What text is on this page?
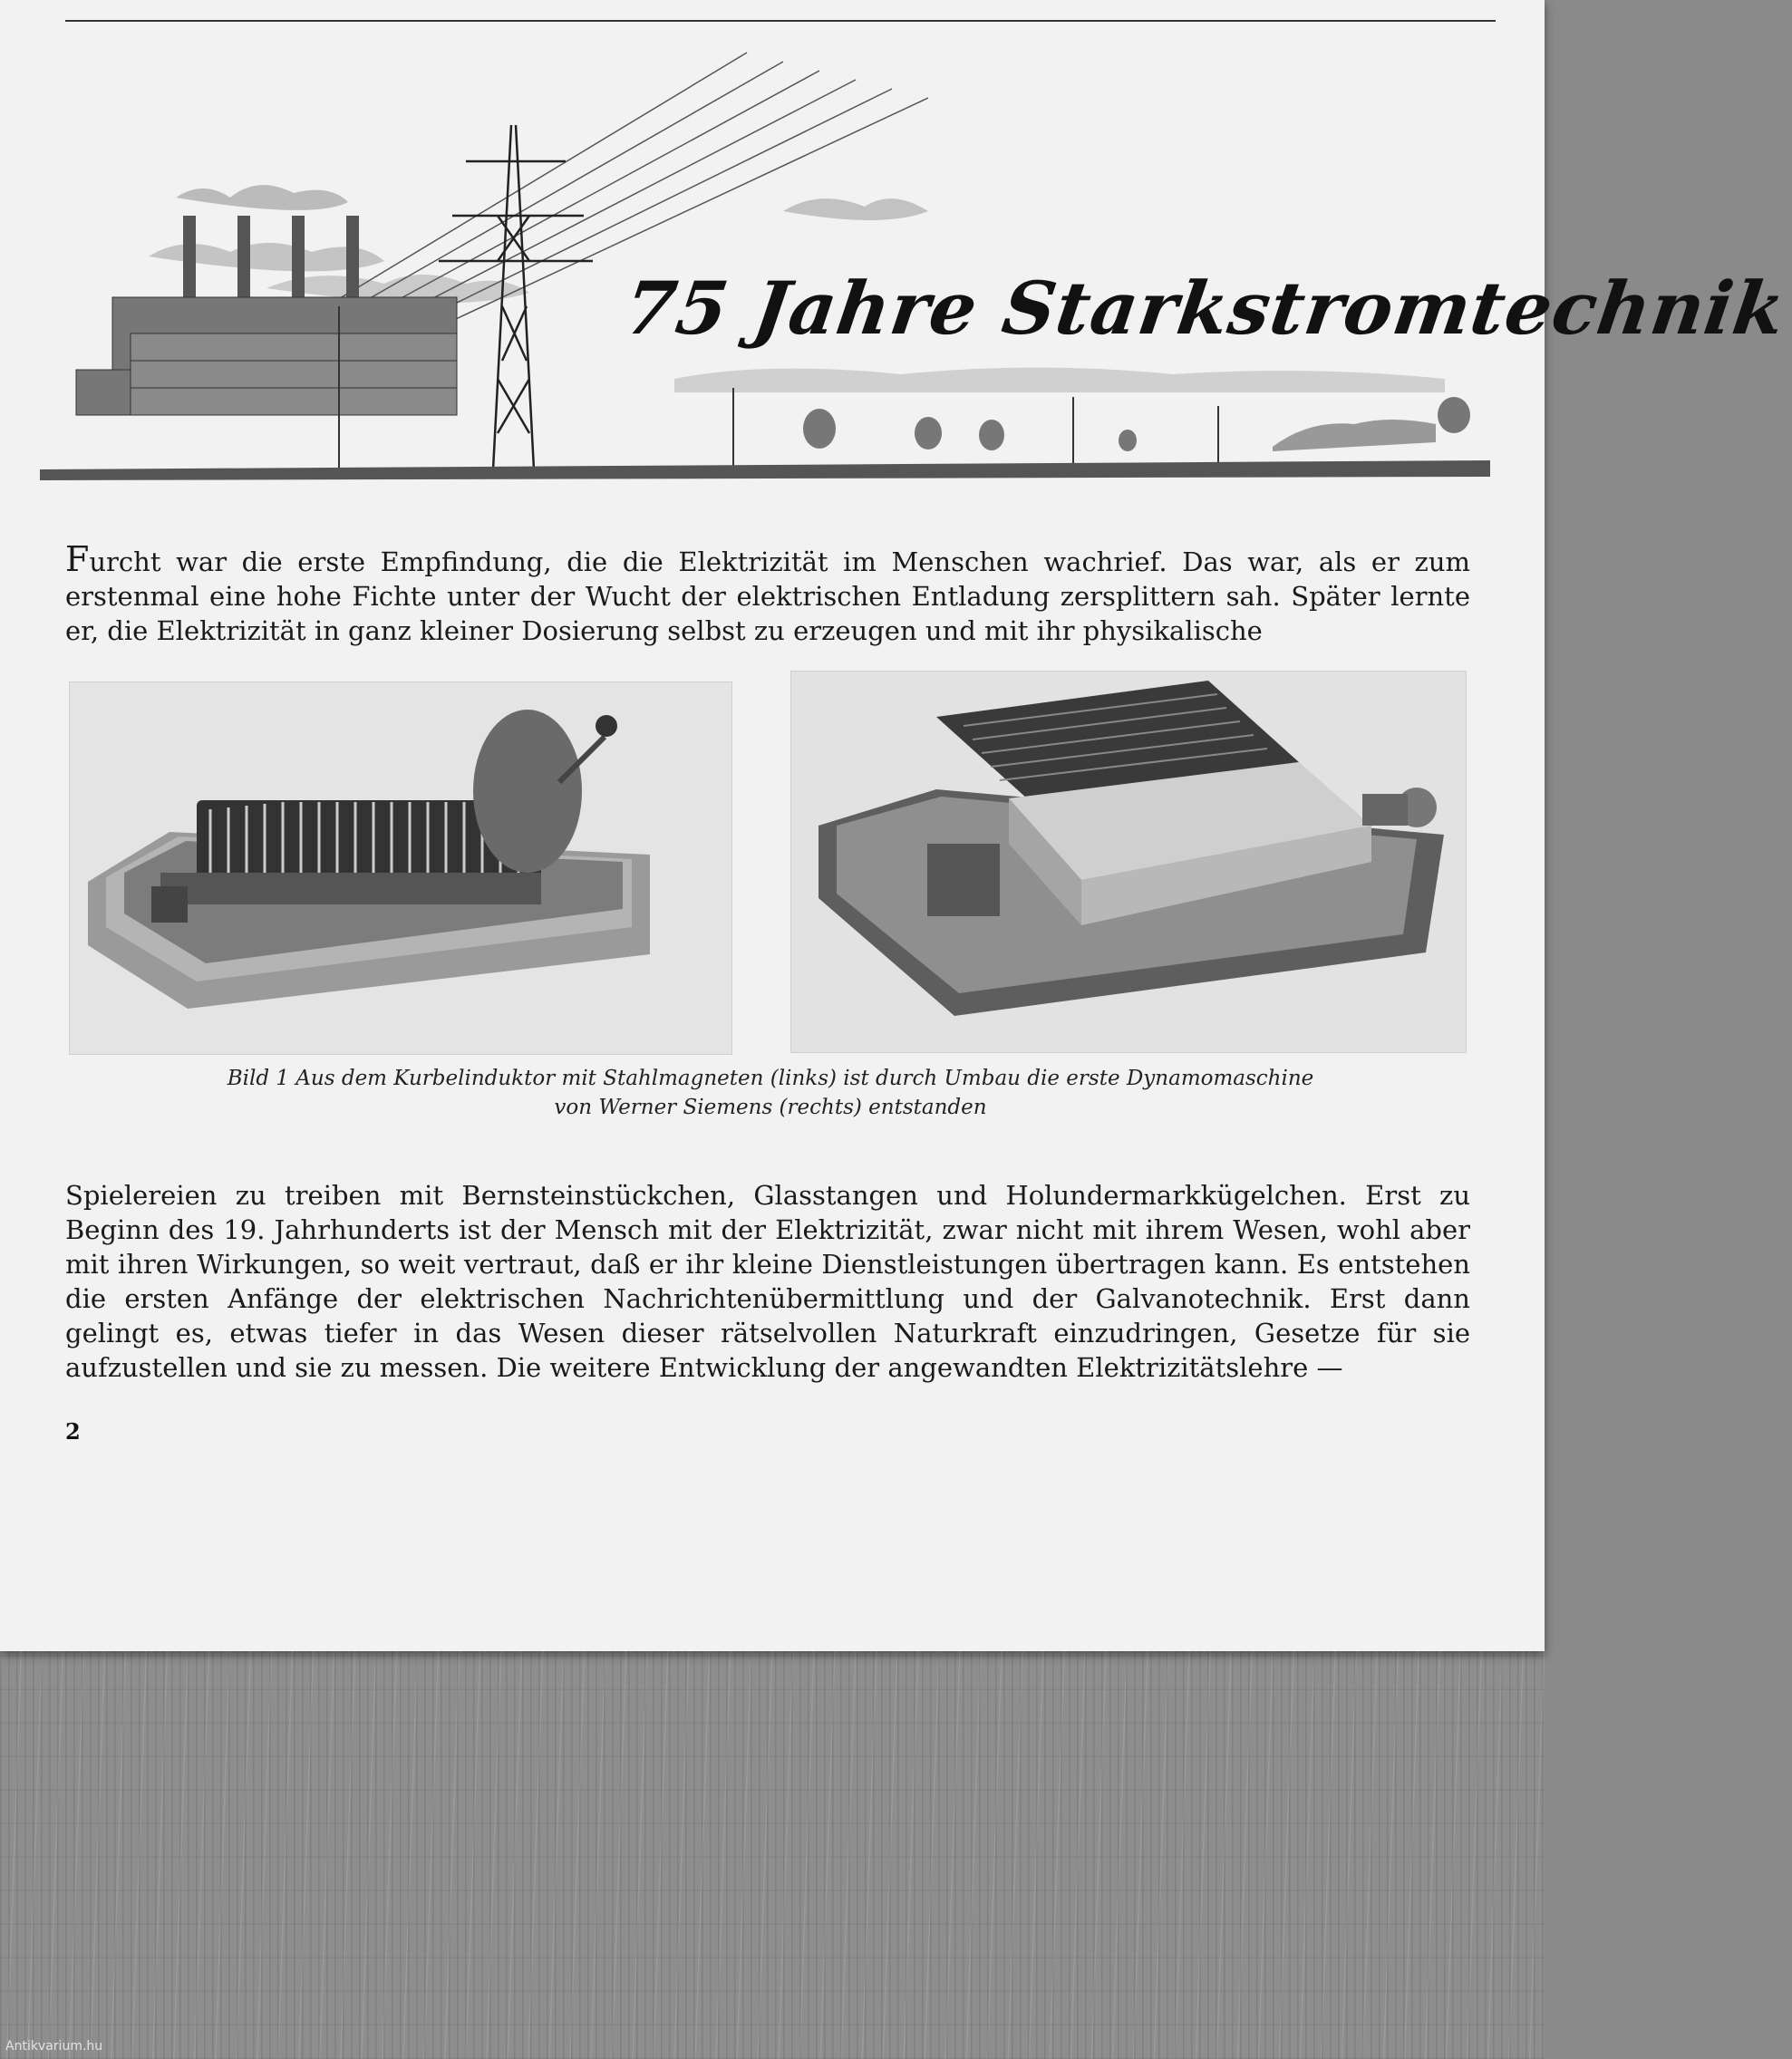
75 Jahre Starkstromtechnik

Furcht war die erste Empfindung, die die Elektrizität im Menschen wachrief. Das war, als er zum erstenmal eine hohe Fichte unter der Wucht der elektrischen Entladung zersplittern sah. Später lernte er, die Elektrizität in ganz kleiner Dosierung selbst zu erzeugen und mit ihr physikalische

Bild 1 Aus dem Kurbelinduktor mit Stahlmagneten (links) ist durch Umbau die erste Dynamomaschine
von Werner Siemens (rechts) entstanden

Spielereien zu treiben mit Bernsteinstückchen, Glasstangen und Holundermarkkügelchen. Erst zu Beginn des 19. Jahrhunderts ist der Mensch mit der Elektrizität, zwar nicht mit ihrem Wesen, wohl aber mit ihren Wirkungen, so weit vertraut, daß er ihr kleine Dienstleistungen übertragen kann. Es entstehen die ersten Anfänge der elektrischen Nachrichtenübermittlung und der Galvanotechnik. Erst dann gelingt es, etwas tiefer in das Wesen dieser rätselvollen Naturkraft einzudringen, Gesetze für sie aufzustellen und sie zu messen. Die weitere Entwicklung der angewandten Elektrizitätslehre —

2
Antikvarium.hu
